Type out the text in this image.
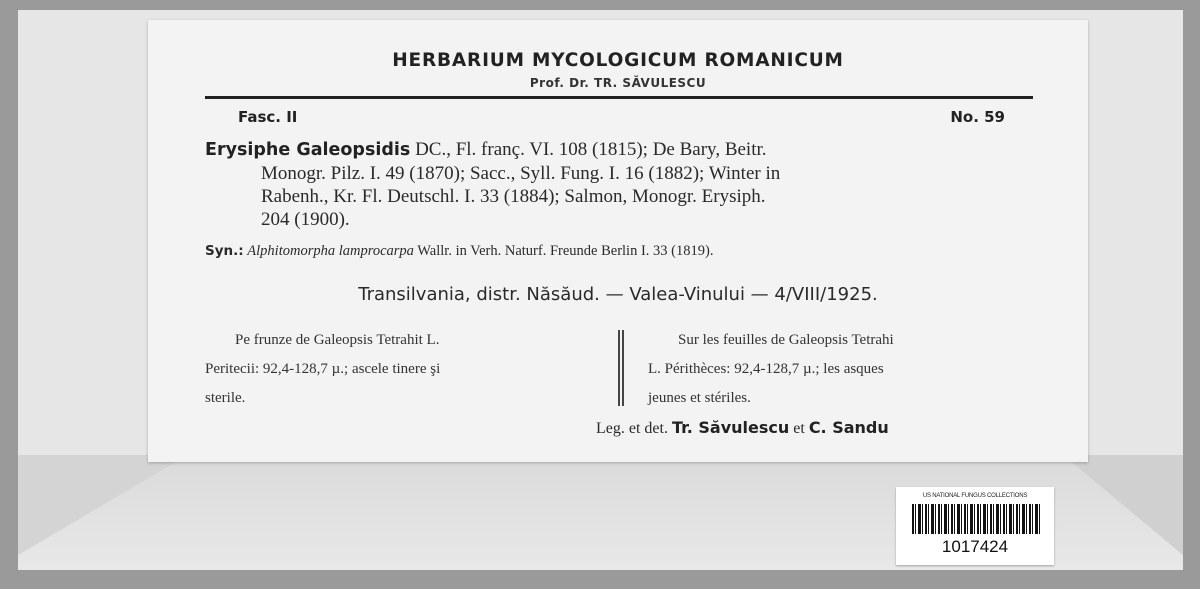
HERBARIUM MYCOLOGICUM ROMANICUM
Prof. Dr. TR. SĂVULESCU
Fasc. II	No. 59
Erysiphe Galeopsidis DC., Fl. franç. VI. 108 (1815); De Bary, Beitr.
Monogr. Pilz. I. 49 (1870); Sacc., Syll. Fung. I. 16 (1882); Winter in
Rabenh., Kr. Fl. Deutschl. I. 33 (1884); Salmon, Monogr. Erysiph.
204 (1900).
Syn.: Alphitomorpha lamprocarpa Wallr. in Verh. Naturf. Freunde Berlin I. 33 (1819).
Transilvania, distr. Năsăud. — Valea-Vinului — 4/VIII/1925.
Pe frunze de Galeopsis Tetrahit L.
Peritecii: 92,4-128,7 µ.; ascele tinere şi
sterile.
Sur les feuilles de Galeopsis Tetrahi
L. Périthèces: 92,4-128,7 µ.; les asques
jeunes et stériles.
Leg. et det. Tr. Săvulescu et C. Sandu
US NATIONAL FUNGUS COLLECTIONS
1017424
